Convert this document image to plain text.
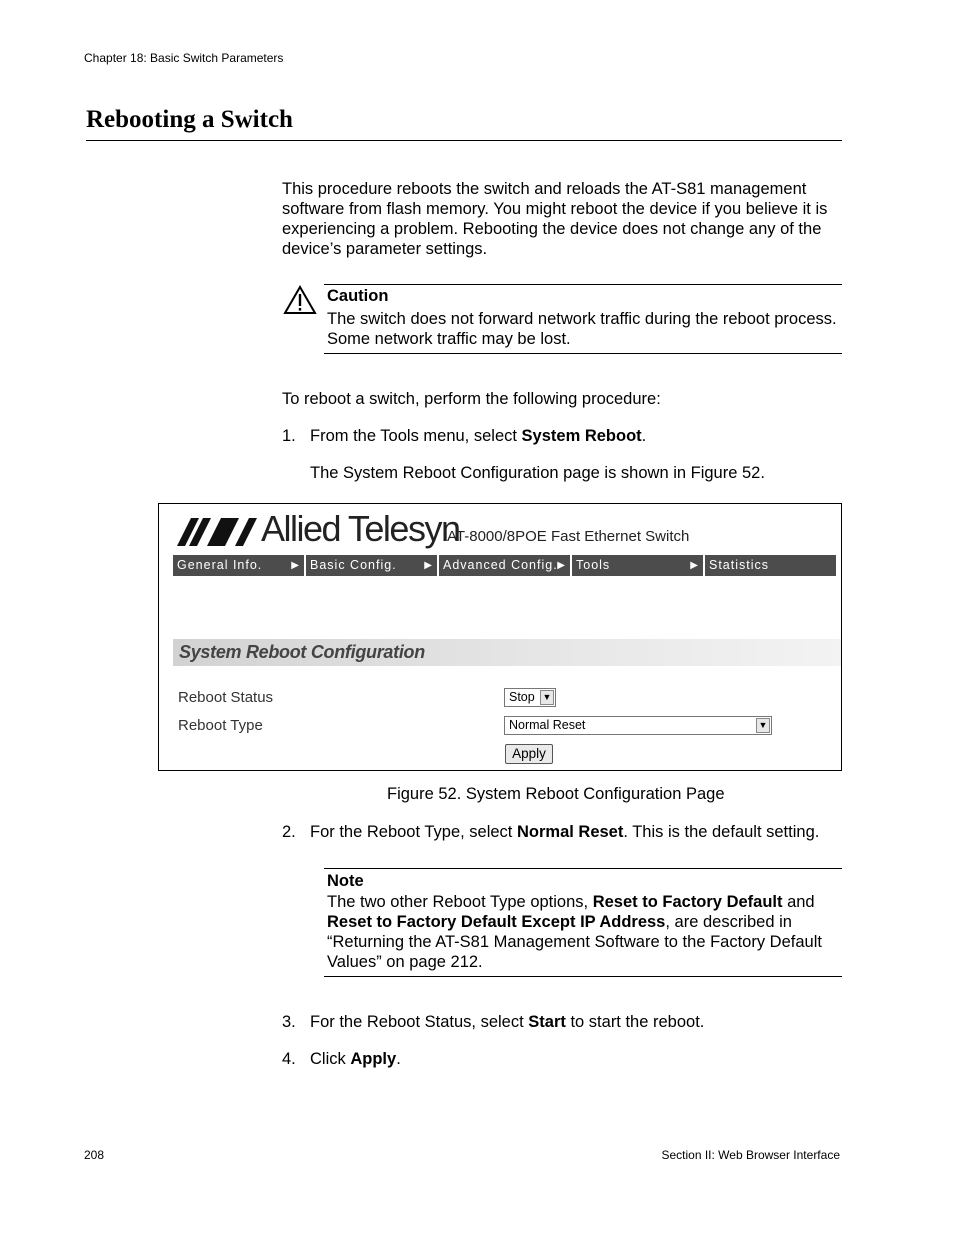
Chapter 18: Basic Switch Parameters
Rebooting a Switch
This procedure reboots the switch and reloads the AT-S81 management software from flash memory. You might reboot the device if you believe it is experiencing a problem. Rebooting the device does not change any of the device’s parameter settings.
Caution
The switch does not forward network traffic during the reboot process. Some network traffic may be lost.
To reboot a switch, perform the following procedure:
1. From the Tools menu, select System Reboot.
The System Reboot Configuration page is shown in Figure 52.
Allied Telesyn
AT-8000/8POE Fast Ethernet Switch
General Info.	▶ Basic Config.	▶ Advanced Config. ▶ Tools	▶ Statistics
System Reboot Configuration
Reboot Status	Stop ▼
Reboot Type	Normal Reset	▼
Apply
Figure 52. System Reboot Configuration Page
2. For the Reboot Type, select Normal Reset. This is the default setting.
Note
The two other Reboot Type options, Reset to Factory Default and Reset to Factory Default Except IP Address, are described in “Returning the AT-S81 Management Software to the Factory Default Values” on page 212.
3. For the Reboot Status, select Start to start the reboot.
4. Click Apply.
208	Section II: Web Browser Interface
